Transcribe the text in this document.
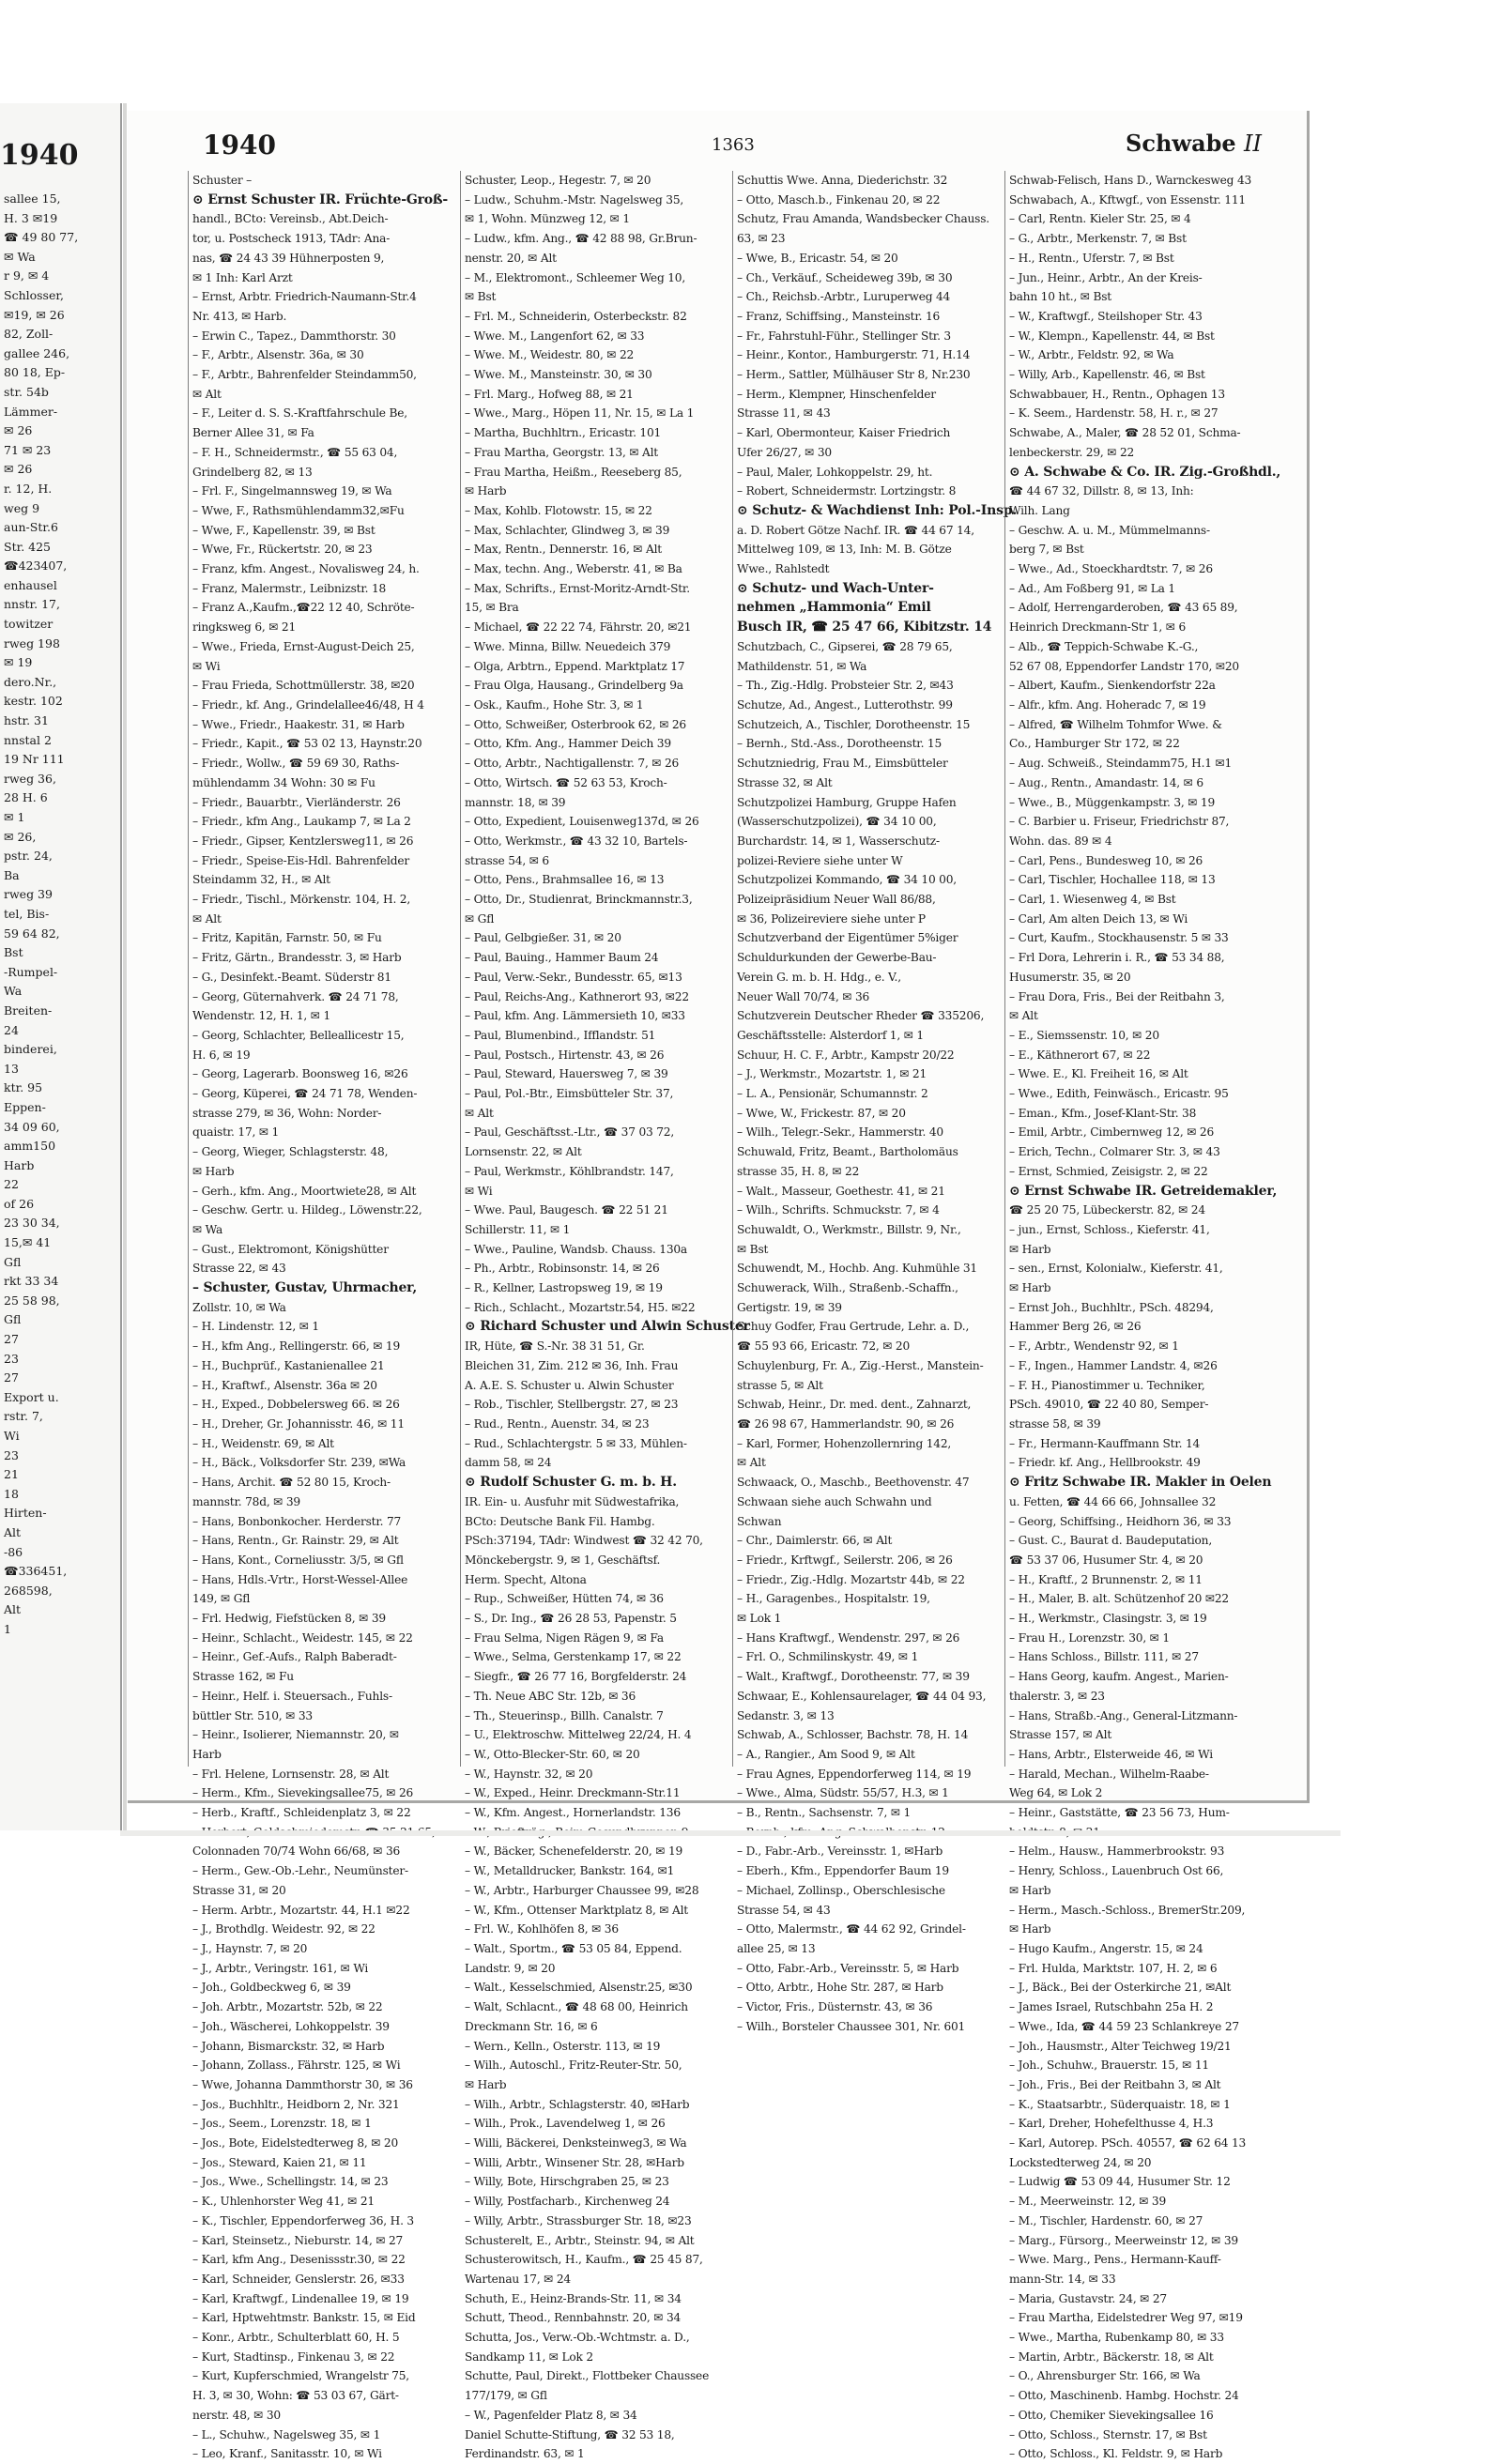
1940
sallee 15,
H. 3 ✉19
☎ 49 80 77,
✉ Wa
r 9, ✉ 4
Schlosser,
✉19, ✉ 26
82, Zoll-
gallee 246,
80 18, Ep-
str. 54b
Lämmer-
✉ 26
71 ✉ 23
✉ 26
r. 12, H.
weg 9
aun-Str.6
Str. 425
☎423407,
enhausel
nnstr. 17,
towitzer
rweg 198
✉ 19
dero.Nr.,
kestr. 102
hstr. 31
nnstal 2
19 Nr 111
rweg 36,
28 H. 6
✉ 1
✉ 26,
pstr. 24,
Ba
rweg 39
tel, Bis-
59 64 82,
Bst
-Rumpel-
Wa
Breiten-
24
binderei,
13
ktr. 95
Eppen-
34 09 60,
amm150
Harb
22
of 26
23 30 34,
15,✉ 41
Gfl
rkt 33 34
25 58 98,
Gfl
27
23
27
Export u.
rstr. 7,
Wi
23
21
18
Hirten-
Alt
-86
☎336451,
268598,
Alt
1
1940	1363	Schwabe II
Schuster –
⊙ Ernst Schuster IR. Früchte-Groß-
handl., BCto: Vereinsb., Abt.Deich-
tor, u. Postscheck 1913, TAdr: Ana-
nas, ☎ 24 43 39 Hühnerposten 9,
✉ 1 Inh: Karl Arzt
– Ernst, Arbtr. Friedrich-Naumann-Str.4
Nr. 413, ✉ Harb.
– Erwin C., Tapez., Dammthorstr. 30
– F., Arbtr., Alsenstr. 36a, ✉ 30
– F., Arbtr., Bahrenfelder Steindamm50,
✉ Alt
– F., Leiter d. S. S.-Kraftfahrschule Be,
Berner Allee 31, ✉ Fa
– F. H., Schneidermstr., ☎ 55 63 04,
Grindelberg 82, ✉ 13
– Frl. F., Singelmannsweg 19, ✉ Wa
– Wwe, F., Rathsmühlendamm32,✉Fu
– Wwe, F., Kapellenstr. 39, ✉ Bst
– Wwe, Fr., Rückertstr. 20, ✉ 23
– Franz, kfm. Angest., Novalisweg 24, h.
– Franz, Malermstr., Leibnizstr. 18
– Franz A.,Kaufm.,☎22 12 40, Schröte-
ringksweg 6, ✉ 21
– Wwe., Frieda, Ernst-August-Deich 25,
✉ Wi
– Frau Frieda, Schottmüllerstr. 38, ✉20
– Friedr., kf. Ang., Grindelallee46/48, H 4
– Wwe., Friedr., Haakestr. 31, ✉ Harb
– Friedr., Kapit., ☎ 53 02 13, Haynstr.20
– Friedr., Wollw., ☎ 59 69 30, Raths-
mühlendamm 34 Wohn: 30 ✉ Fu
– Friedr., Bauarbtr., Vierländerstr. 26
– Friedr., kfm Ang., Laukamp 7, ✉ La 2
– Friedr., Gipser, Kentzlersweg11, ✉ 26
– Friedr., Speise-Eis-Hdl. Bahrenfelder
Steindamm 32, H., ✉ Alt
– Friedr., Tischl., Mörkenstr. 104, H. 2,
✉ Alt
– Fritz, Kapitän, Farnstr. 50, ✉ Fu
– Fritz, Gärtn., Brandesstr. 3, ✉ Harb
– G., Desinfekt.-Beamt. Süderstr 81
– Georg, Güternahverk. ☎ 24 71 78,
Wendenstr. 12, H. 1, ✉ 1
– Georg, Schlachter, Belleallicestr 15,
H. 6, ✉ 19
– Georg, Lagerarb. Boonsweg 16, ✉26
– Georg, Küperei, ☎ 24 71 78, Wenden-
strasse 279, ✉ 36, Wohn: Norder-
quaistr. 17, ✉ 1
– Georg, Wieger, Schlagsterstr. 48,
✉ Harb
– Gerh., kfm. Ang., Moortwiete28, ✉ Alt
– Geschw. Gertr. u. Hildeg., Löwenstr.22,
✉ Wa
– Gust., Elektromont, Königshütter
Strasse 22, ✉ 43
– Schuster, Gustav, Uhrmacher,
Zollstr. 10, ✉ Wa
– H. Lindenstr. 12, ✉ 1
– H., kfm Ang., Rellingerstr. 66, ✉ 19
– H., Buchprüf., Kastanienallee 21
– H., Kraftwf., Alsenstr. 36a ✉ 20
– H., Exped., Dobbelersweg 66. ✉ 26
– H., Dreher, Gr. Johannisstr. 46, ✉ 11
– H., Weidenstr. 69, ✉ Alt
– H., Bäck., Volksdorfer Str. 239, ✉Wa
– Hans, Archit. ☎ 52 80 15, Kroch-
mannstr. 78d, ✉ 39
– Hans, Bonbonkocher. Herderstr. 77
– Hans, Rentn., Gr. Rainstr. 29, ✉ Alt
– Hans, Kont., Corneliusstr. 3/5, ✉ Gfl
– Hans, Hdls.-Vrtr., Horst-Wessel-Allee
149, ✉ Gfl
– Frl. Hedwig, Fiefstücken 8, ✉ 39
– Heinr., Schlacht., Weidestr. 145, ✉ 22
– Heinr., Gef.-Aufs., Ralph Baberadt-
Strasse 162, ✉ Fu
– Heinr., Helf. i. Steuersach., Fuhls-
büttler Str. 510, ✉ 33
– Heinr., Isolierer, Niemannstr. 20, ✉
Harb
– Frl. Helene, Lornsenstr. 28, ✉ Alt
– Herm., Kfm., Sievekingsallee75, ✉ 26
– Herb., Kraftf., Schleidenplatz 3, ✉ 22
Colonnaden 70/74 Wohn 66/68, ✉ 36
– Herm., Gew.-Ob.-Lehr., Neumünster-
Strasse 31, ✉ 20
– Herm. Arbtr., Mozartstr. 44, H.1 ✉22
– J., Brothdlg. Weidestr. 92, ✉ 22
– J., Haynstr. 7, ✉ 20
– J., Arbtr., Veringstr. 161, ✉ Wi
– Joh., Goldbeckweg 6, ✉ 39
– Joh. Arbtr., Mozartstr. 52b, ✉ 22
– Joh., Wäscherei, Lohkoppelstr. 39
– Johann, Bismarckstr. 32, ✉ Harb
– Johann, Zollass., Fährstr. 125, ✉ Wi
– Wwe, Johanna Dammthorstr 30, ✉ 36
– Jos., Buchhltr., Heidborn 2, Nr. 321
– Jos., Seem., Lorenzstr. 18, ✉ 1
– Jos., Bote, Eidelstedterweg 8, ✉ 20
– Jos., Steward, Kaien 21, ✉ 11
– Jos., Wwe., Schellingstr. 14, ✉ 23
– K., Uhlenhorster Weg 41, ✉ 21
– K., Tischler, Eppendorferweg 36, H. 3
– Karl, Steinsetz., Nieburstr. 14, ✉ 27
– Karl, kfm Ang., Desenissstr.30, ✉ 22
– Karl, Schneider, Genslerstr. 26, ✉33
– Karl, Kraftwgf., Lindenallee 19, ✉ 19
– Karl, Hptwehtmstr. Bankstr. 15, ✉ Eid
– Konr., Arbtr., Schulterblatt 60, H. 5
– Kurt, Stadtinsp., Finkenau 3, ✉ 22
– Kurt, Kupferschmied, Wrangelstr 75,
H. 3, ✉ 30, Wohn: ☎ 53 03 67, Gärt-
nerstr. 48, ✉ 30
– L., Schuhw., Nagelsweg 35, ✉ 1
– Leo, Kranf., Sanitasstr. 10, ✉ Wi
Schuster, Leop., Hegestr. 7, ✉ 20
– Ludw., Schuhm.-Mstr. Nagelsweg 35,
✉ 1, Wohn. Münzweg 12, ✉ 1
– Ludw., kfm. Ang., ☎ 42 88 98, Gr.Brun-
nenstr. 20, ✉ Alt
– M., Elektromont., Schleemer Weg 10,
✉ Bst
– Frl. M., Schneiderin, Osterbeckstr. 82
– Wwe. M., Langenfort 62, ✉ 33
– Wwe. M., Weidestr. 80, ✉ 22
– Wwe. M., Mansteinstr. 30, ✉ 30
– Frl. Marg., Hofweg 88, ✉ 21
– Wwe., Marg., Höpen 11, Nr. 15, ✉ La 1
– Martha, Buchhltrn., Ericastr. 101
– Frau Martha, Georgstr. 13, ✉ Alt
– Frau Martha, Heißm., Reeseberg 85,
✉ Harb
– Max, Kohlb. Flotowstr. 15, ✉ 22
– Max, Schlachter, Glindweg 3, ✉ 39
– Max, Rentn., Dennerstr. 16, ✉ Alt
– Max, techn. Ang., Weberstr. 41, ✉ Ba
– Max, Schrifts., Ernst-Moritz-Arndt-Str.
15, ✉ Bra
– Michael, ☎ 22 22 74, Fährstr. 20, ✉21
– Wwe. Minna, Billw. Neuedeich 379
– Olga, Arbtrn., Eppend. Marktplatz 17
– Frau Olga, Hausang., Grindelberg 9a
– Osk., Kaufm., Hohe Str. 3, ✉ 1
– Otto, Schweißer, Osterbrook 62, ✉ 26
– Otto, Kfm. Ang., Hammer Deich 39
– Otto, Arbtr., Nachtigallenstr. 7, ✉ 26
– Otto, Wirtsch. ☎ 52 63 53, Kroch-
mannstr. 18, ✉ 39
– Otto, Expedient, Louisenweg137d, ✉ 26
– Otto, Werkmstr., ☎ 43 32 10, Bartels-
strasse 54, ✉ 6
– Otto, Pens., Brahmsallee 16, ✉ 13
– Otto, Dr., Studienrat, Brinckmannstr.3,
✉ Gfl
– Paul, Gelbgießer. 31, ✉ 20
– Paul, Bauing., Hammer Baum 24
– Paul, Verw.-Sekr., Bundesstr. 65, ✉13
– Paul, Reichs-Ang., Kathnerort 93, ✉22
– Paul, kfm. Ang. Lämmersieth 10, ✉33
– Paul, Blumenbind., Ifflandstr. 51
– Paul, Postsch., Hirtenstr. 43, ✉ 26
– Paul, Steward, Hauersweg 7, ✉ 39
– Paul, Pol.-Btr., Eimsbütteler Str. 37,
✉ Alt
– Paul, Geschäftsst.-Ltr., ☎ 37 03 72,
Lornsenstr. 22, ✉ Alt
– Paul, Werkmstr., Köhlbrandstr. 147,
✉ Wi
– Wwe. Paul, Baugesch. ☎ 22 51 21
Schillerstr. 11, ✉ 1
– Wwe., Pauline, Wandsb. Chauss. 130a
– Ph., Arbtr., Robinsonstr. 14, ✉ 26
– R., Kellner, Lastropsweg 19, ✉ 19
– Rich., Schlacht., Mozartstr.54, H5. ✉22
⊙ Richard Schuster und Alwin Schuster
IR, Hüte, ☎ S.-Nr. 38 31 51, Gr.
Bleichen 31, Zim. 212 ✉ 36, Inh. Frau
A. A.E. S. Schuster u. Alwin Schuster
– Rob., Tischler, Stellbergstr. 27, ✉ 23
– Rud., Rentn., Auenstr. 34, ✉ 23
– Rud., Schlachtergstr. 5 ✉ 33, Mühlen-
damm 58, ✉ 24
⊙ Rudolf Schuster G. m. b. H.
IR. Ein- u. Ausfuhr mit Südwestafrika,
BCto: Deutsche Bank Fil. Hambg.
PSch:37194, TAdr: Windwest ☎ 32 42 70,
Mönckebergstr. 9, ✉ 1, Geschäftsf.
Herm. Specht, Altona
– Rup., Schweißer, Hütten 74, ✉ 36
– S., Dr. Ing., ☎ 26 28 53, Papenstr. 5
– Frau Selma, Nigen Rägen 9, ✉ Fa
– Wwe., Selma, Gerstenkamp 17, ✉ 22
– Siegfr., ☎ 26 77 16, Borgfelderstr. 24
– Th. Neue ABC Str. 12b, ✉ 36
– Th., Steuerinsp., Billh. Canalstr. 7
– U., Elektroschw. Mittelweg 22/24, H. 4
– W., Otto-Blecker-Str. 60, ✉ 20
– W., Haynstr. 32, ✉ 20
– W., Exped., Heinr. Dreckmann-Str.11
– W., Kfm. Angest., Hornerlandstr. 136
– W., Bäcker, Schenefelderstr. 20, ✉ 19
– W., Metalldrucker, Bankstr. 164, ✉1
– W., Arbtr., Harburger Chaussee 99, ✉28
– W., Kfm., Ottenser Marktplatz 8, ✉ Alt
– Frl. W., Kohlhöfen 8, ✉ 36
– Walt., Sportm., ☎ 53 05 84, Eppend.
Landstr. 9, ✉ 20
– Walt., Kesselschmied, Alsenstr.25, ✉30
– Walt, Schlacnt., ☎ 48 68 00, Heinrich
Dreckmann Str. 16, ✉ 6
– Wern., Kelln., Osterstr. 113, ✉ 19
– Wilh., Autoschl., Fritz-Reuter-Str. 50,
✉ Harb
– Wilh., Arbtr., Schlagsterstr. 40, ✉Harb
– Wilh., Prok., Lavendelweg 1, ✉ 26
– Willi, Bäckerei, Denksteinweg3, ✉ Wa
– Willi, Arbtr., Winsener Str. 28, ✉Harb
– Willy, Bote, Hirschgraben 25, ✉ 23
– Willy, Postfacharb., Kirchenweg 24
– Willy, Arbtr., Strassburger Str. 18, ✉23
Schusterelt, E., Arbtr., Steinstr. 94, ✉ Alt
Schusterowitsch, H., Kaufm., ☎ 25 45 87,
Wartenau 17, ✉ 24
Schuth, E., Heinz-Brands-Str. 11, ✉ 34
Schutt, Theod., Rennbahnstr. 20, ✉ 34
Schutta, Jos., Verw.-Ob.-Wchtmstr. a. D.,
Sandkamp 11, ✉ Lok 2
Schutte, Paul, Direkt., Flottbeker Chaussee
177/179, ✉ Gfl
– W., Pagenfelder Platz 8, ✉ 34
Daniel Schutte-Stiftung, ☎ 32 53 18,
Ferdinandstr. 63, ✉ 1
Schuttis Wwe. Anna, Diederichstr. 32
– Otto, Masch.b., Finkenau 20, ✉ 22
Schutz, Frau Amanda, Wandsbecker Chauss.
63, ✉ 23
– Wwe, B., Ericastr. 54, ✉ 20
– Ch., Verkäuf., Scheideweg 39b, ✉ 30
– Ch., Reichsb.-Arbtr., Luruperweg 44
– Franz, Schiffsing., Mansteinstr. 16
– Fr., Fahrstuhl-Führ., Stellinger Str. 3
– Heinr., Kontor., Hamburgerstr. 71, H.14
– Herm., Sattler, Mülhäuser Str 8, Nr.230
– Herm., Klempner, Hinschenfelder
Strasse 11, ✉ 43
– Karl, Obermonteur, Kaiser Friedrich
Ufer 26/27, ✉ 30
– Paul, Maler, Lohkoppelstr. 29, ht.
– Robert, Schneidermstr. Lortzingstr. 8
⊙ Schutz- & Wachdienst Inh: Pol.-Insp.
a. D. Robert Götze Nachf. IR. ☎ 44 67 14,
Mittelweg 109, ✉ 13, Inh: M. B. Götze
Wwe., Rahlstedt
⊙ Schutz- und Wach-Unter-
nehmen „Hammonia“ Emil
Busch IR, ☎ 25 47 66, Kibitzstr. 14
Schutzbach, C., Gipserei, ☎ 28 79 65,
Mathildenstr. 51, ✉ Wa
– Th., Zig.-Hdlg. Probsteier Str. 2, ✉43
Schutze, Ad., Angest., Lutterothstr. 99
Schutzeich, A., Tischler, Dorotheenstr. 15
– Bernh., Std.-Ass., Dorotheenstr. 15
Schutzniedrig, Frau M., Eimsbütteler
Strasse 32, ✉ Alt
Schutzpolizei Hamburg, Gruppe Hafen
(Wasserschutzpolizei), ☎ 34 10 00,
Burchardstr. 14, ✉ 1, Wasserschutz-
polizei-Reviere siehe unter W
Schutzpolizei Kommando, ☎ 34 10 00,
Polizeipräsidium Neuer Wall 86/88,
✉ 36, Polizeireviere siehe unter P
Schutzverband der Eigentümer 5%iger
Schuldurkunden der Gewerbe-Bau-
Verein G. m. b. H. Hdg., e. V.,
Neuer Wall 70/74, ✉ 36
Schutzverein Deutscher Rheder ☎ 335206,
Geschäftsstelle: Alsterdorf 1, ✉ 1
Schuur, H. C. F., Arbtr., Kampstr 20/22
– J., Werkmstr., Mozartstr. 1, ✉ 21
– L. A., Pensionär, Schumannstr. 2
– Wwe, W., Frickestr. 87, ✉ 20
– Wilh., Telegr.-Sekr., Hammerstr. 40
Schuwald, Fritz, Beamt., Bartholomäus
strasse 35, H. 8, ✉ 22
– Walt., Masseur, Goethestr. 41, ✉ 21
– Wilh., Schrifts. Schmuckstr. 7, ✉ 4
Schuwaldt, O., Werkmstr., Billstr. 9, Nr.,
✉ Bst
Schuwendt, M., Hochb. Ang. Kuhmühle 31
Schuwerack, Wilh., Straßenb.-Schaffn.,
Gertigstr. 19, ✉ 39
Schuy Godfer, Frau Gertrude, Lehr. a. D.,
☎ 55 93 66, Ericastr. 72, ✉ 20
Schuylenburg, Fr. A., Zig.-Herst., Manstein-
strasse 5, ✉ Alt
Schwab, Heinr., Dr. med. dent., Zahnarzt,
☎ 26 98 67, Hammerlandstr. 90, ✉ 26
– Karl, Former, Hohenzollernring 142,
✉ Alt
Schwaack, O., Maschb., Beethovenstr. 47
Schwaan siehe auch Schwahn und
Schwan
– Chr., Daimlerstr. 66, ✉ Alt
– Friedr., Krftwgf., Seilerstr. 206, ✉ 26
– Friedr., Zig.-Hdlg. Mozartstr 44b, ✉ 22
– H., Garagenbes., Hospitalstr. 19,
✉ Lok 1
– Hans Kraftwgf., Wendenstr. 297, ✉ 26
– Frl. O., Schmilinskystr. 49, ✉ 1
– Walt., Kraftwgf., Dorotheenstr. 77, ✉ 39
Schwaar, E., Kohlensaurelager, ☎ 44 04 93,
Sedanstr. 3, ✉ 13
Schwab, A., Schlosser, Bachstr. 78, H. 14
– A., Rangier., Am Sood 9, ✉ Alt
– Frau Agnes, Eppendorferweg 114, ✉ 19
– Wwe., Alma, Südstr. 55/57, H.3, ✉ 1
– B., Rentn., Sachsenstr. 7, ✉ 1
– D., Fabr.-Arb., Vereinsstr. 1, ✉Harb
– Eberh., Kfm., Eppendorfer Baum 19
– Michael, Zollinsp., Oberschlesische
Strasse 54, ✉ 43
– Otto, Malermstr., ☎ 44 62 92, Grindel-
allee 25, ✉ 13
– Otto, Fabr.-Arb., Vereinsstr. 5, ✉ Harb
– Otto, Arbtr., Hohe Str. 287, ✉ Harb
– Victor, Fris., Düsternstr. 43, ✉ 36
– Wilh., Borsteler Chaussee 301, Nr. 601
Schwab-Felisch, Hans D., Warnckesweg 43
Schwabach, A., Kftwgf., von Essenstr. 111
– Carl, Rentn. Kieler Str. 25, ✉ 4
– G., Arbtr., Merkenstr. 7, ✉ Bst
– H., Rentn., Uferstr. 7, ✉ Bst
– Jun., Heinr., Arbtr., An der Kreis-
bahn 10 ht., ✉ Bst
– W., Kraftwgf., Steilshoper Str. 43
– W., Klempn., Kapellenstr. 44, ✉ Bst
– W., Arbtr., Feldstr. 92, ✉ Wa
– Willy, Arb., Kapellenstr. 46, ✉ Bst
Schwabbauer, H., Rentn., Ophagen 13
– K. Seem., Hardenstr. 58, H. r., ✉ 27
Schwabe, A., Maler, ☎ 28 52 01, Schma-
lenbeckerstr. 29, ✉ 22
⊙ A. Schwabe & Co. IR. Zig.-Großhdl.,
☎ 44 67 32, Dillstr. 8, ✉ 13, Inh:
Wilh. Lang
– Geschw. A. u. M., Mümmelmanns-
berg 7, ✉ Bst
– Wwe., Ad., Stoeckhardtstr. 7, ✉ 26
– Ad., Am Foßberg 91, ✉ La 1
– Adolf, Herrengarderoben, ☎ 43 65 89,
Heinrich Dreckmann-Str 1, ✉ 6
– Alb., ☎ Teppich-Schwabe K.-G.,
52 67 08, Eppendorfer Landstr 170, ✉20
– Albert, Kaufm., Sienkendorfstr 22a
– Alfr., kfm. Ang. Hoheradc 7, ✉ 19
– Alfred, ☎ Wilhelm Tohmfor Wwe. &
Co., Hamburger Str 172, ✉ 22
– Aug. Schweiß., Steindamm75, H.1 ✉1
– Aug., Rentn., Amandastr. 14, ✉ 6
– Wwe., B., Müggenkampstr. 3, ✉ 19
– C. Barbier u. Friseur, Friedrichstr 87,
Wohn. das. 89 ✉ 4
– Carl, Pens., Bundesweg 10, ✉ 26
– Carl, Tischler, Hochallee 118, ✉ 13
– Carl, 1. Wiesenweg 4, ✉ Bst
– Carl, Am alten Deich 13, ✉ Wi
– Curt, Kaufm., Stockhausenstr. 5 ✉ 33
– Frl Dora, Lehrerin i. R., ☎ 53 34 88,
Husumerstr. 35, ✉ 20
– Frau Dora, Fris., Bei der Reitbahn 3,
✉ Alt
– E., Siemssenstr. 10, ✉ 20
– E., Käthnerort 67, ✉ 22
– Wwe. E., Kl. Freiheit 16, ✉ Alt
– Wwe., Edith, Feinwäsch., Ericastr. 95
– Eman., Kfm., Josef-Klant-Str. 38
– Emil, Arbtr., Cimbernweg 12, ✉ 26
– Erich, Techn., Colmarer Str. 3, ✉ 43
– Ernst, Schmied, Zeisigstr. 2, ✉ 22
⊙ Ernst Schwabe IR. Getreidemakler,
☎ 25 20 75, Lübeckerstr. 82, ✉ 24
– jun., Ernst, Schloss., Kieferstr. 41,
✉ Harb
– sen., Ernst, Kolonialw., Kieferstr. 41,
✉ Harb
– Ernst Joh., Buchhltr., PSch. 48294,
Hammer Berg 26, ✉ 26
– F., Arbtr., Wendenstr 92, ✉ 1
– F., Ingen., Hammer Landstr. 4, ✉26
– F. H., Pianostimmer u. Techniker,
PSch. 49010, ☎ 22 40 80, Semper-
strasse 58, ✉ 39
– Fr., Hermann-Kauffmann Str. 14
– Friedr. kf. Ang., Hellbrookstr. 49
⊙ Fritz Schwabe IR. Makler in Oelen
u. Fetten, ☎ 44 66 66, Johnsallee 32
– Georg, Schiffsing., Heidhorn 36, ✉ 33
– Gust. C., Baurat d. Baudeputation,
☎ 53 37 06, Husumer Str. 4, ✉ 20
– H., Kraftf., 2 Brunnenstr. 2, ✉ 11
– H., Maler, B. alt. Schützenhof 20 ✉22
– H., Werkmstr., Clasingstr. 3, ✉ 19
– Frau H., Lorenzstr. 30, ✉ 1
– Hans Schloss., Billstr. 111, ✉ 27
– Hans Georg, kaufm. Angest., Marien-
thalerstr. 3, ✉ 23
– Hans, Straßb.-Ang., General-Litzmann-
Strasse 157, ✉ Alt
– Hans, Arbtr., Elsterweide 46, ✉ Wi
– Harald, Mechan., Wilhelm-Raabe-
Weg 64, ✉ Lok 2
– Heinr., Gaststätte, ☎ 23 56 73, Hum-
– Helm., Hausw., Hammerbrookstr. 93
– Henry, Schloss., Lauenbruch Ost 66,
✉ Harb
– Herm., Masch.-Schloss., BremerStr.209,
✉ Harb
– Hugo Kaufm., Angerstr. 15, ✉ 24
– Frl. Hulda, Marktstr. 107, H. 2, ✉ 6
– J., Bäck., Bei der Osterkirche 21, ✉Alt
– James Israel, Rutschbahn 25a H. 2
– Wwe., Ida, ☎ 44 59 23 Schlankreye 27
– Joh., Hausmstr., Alter Teichweg 19/21
– Joh., Schuhw., Brauerstr. 15, ✉ 11
– Joh., Fris., Bei der Reitbahn 3, ✉ Alt
– K., Staatsarbtr., Süderquaistr. 18, ✉ 1
– Karl, Dreher, Hohefelthusse 4, H.3
– Karl, Autorep. PSch. 40557, ☎ 62 64 13
Lockstedterweg 24, ✉ 20
– Ludwig ☎ 53 09 44, Husumer Str. 12
– M., Meerweinstr. 12, ✉ 39
– M., Tischler, Hardenstr. 60, ✉ 27
– Marg., Fürsorg., Meerweinstr 12, ✉ 39
– Wwe. Marg., Pens., Hermann-Kauff-
mann-Str. 14, ✉ 33
– Maria, Gustavstr. 24, ✉ 27
– Frau Martha, Eidelstedrer Weg 97, ✉19
– Wwe., Martha, Rubenkamp 80, ✉ 33
– Martin, Arbtr., Bäckerstr. 18, ✉ Alt
– O., Ahrensburger Str. 166, ✉ Wa
– Otto, Maschinenb. Hambg. Hochstr. 24
– Otto, Chemiker Sievekingsallee 16
– Otto, Schloss., Sternstr. 17, ✉ Bst
– Otto, Schloss., Kl. Feldstr. 9, ✉ Harb
